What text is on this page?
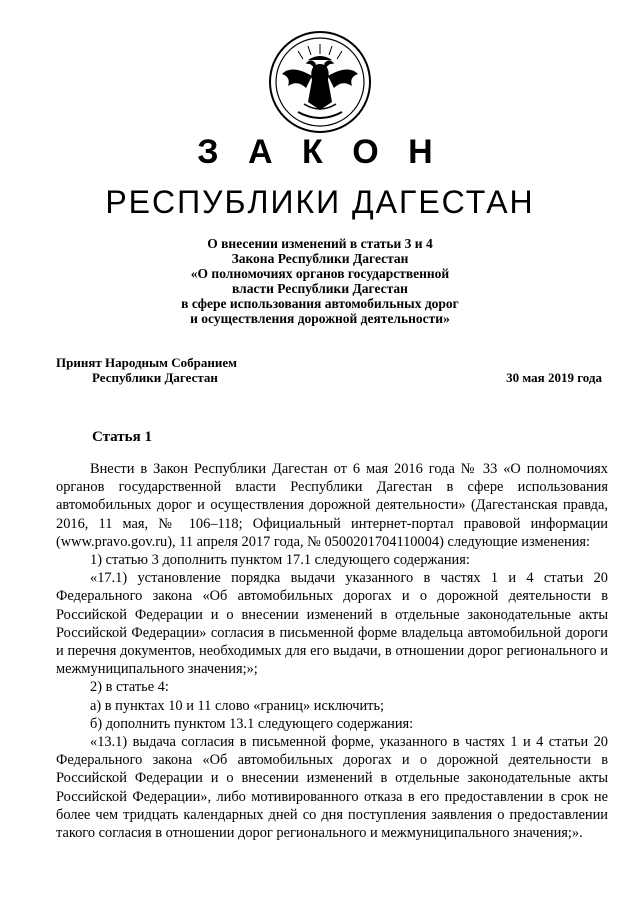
З А К О Н
РЕСПУБЛИКИ ДАГЕСТАН
О внесении изменений в статьи 3 и 4
Закона Республики Дагестан
«О полномочиях органов государственной
власти Республики Дагестан
в сфере использования автомобильных дорог
и осуществления дорожной деятельности»
Принят Народным Собранием
Республики Дагестан	30 мая 2019 года
Статья 1

Внести в Закон Республики Дагестан от 6 мая 2016 года № 33 «О полномочиях органов государственной власти Республики Дагестан в сфере использования автомобильных дорог и осуществления дорожной деятельности» (Дагестанская правда, 2016, 11 мая, № 106–118; Официальный интернет-портал правовой информации (www.pravo.gov.ru), 11 апреля 2017 года, № 0500201704110004) следующие изменения:

1) статью 3 дополнить пунктом 17.1 следующего содержания:

«17.1) установление порядка выдачи указанного в частях 1 и 4 статьи 20 Федерального закона «Об автомобильных дорогах и о дорожной деятельности в Российской Федерации и о внесении изменений в отдельные законодательные акты Российской Федерации» согласия в письменной форме владельца автомобильной дороги и перечня документов, необходимых для его выдачи, в отношении дорог регионального и межмуниципального значения;»;

2) в статье 4:

а) в пунктах 10 и 11 слово «границ» исключить;

б) дополнить пунктом 13.1 следующего содержания:

«13.1) выдача согласия в письменной форме, указанного в частях 1 и 4 статьи 20 Федерального закона «Об автомобильных дорогах и о дорожной деятельности в Российской Федерации и о внесении изменений в отдельные законодательные акты Российской Федерации», либо мотивированного отказа в его предоставлении в срок не более чем тридцать календарных дней со дня поступления заявления о предоставлении такого согласия в отношении дорог регионального и межмуниципального значения;».
